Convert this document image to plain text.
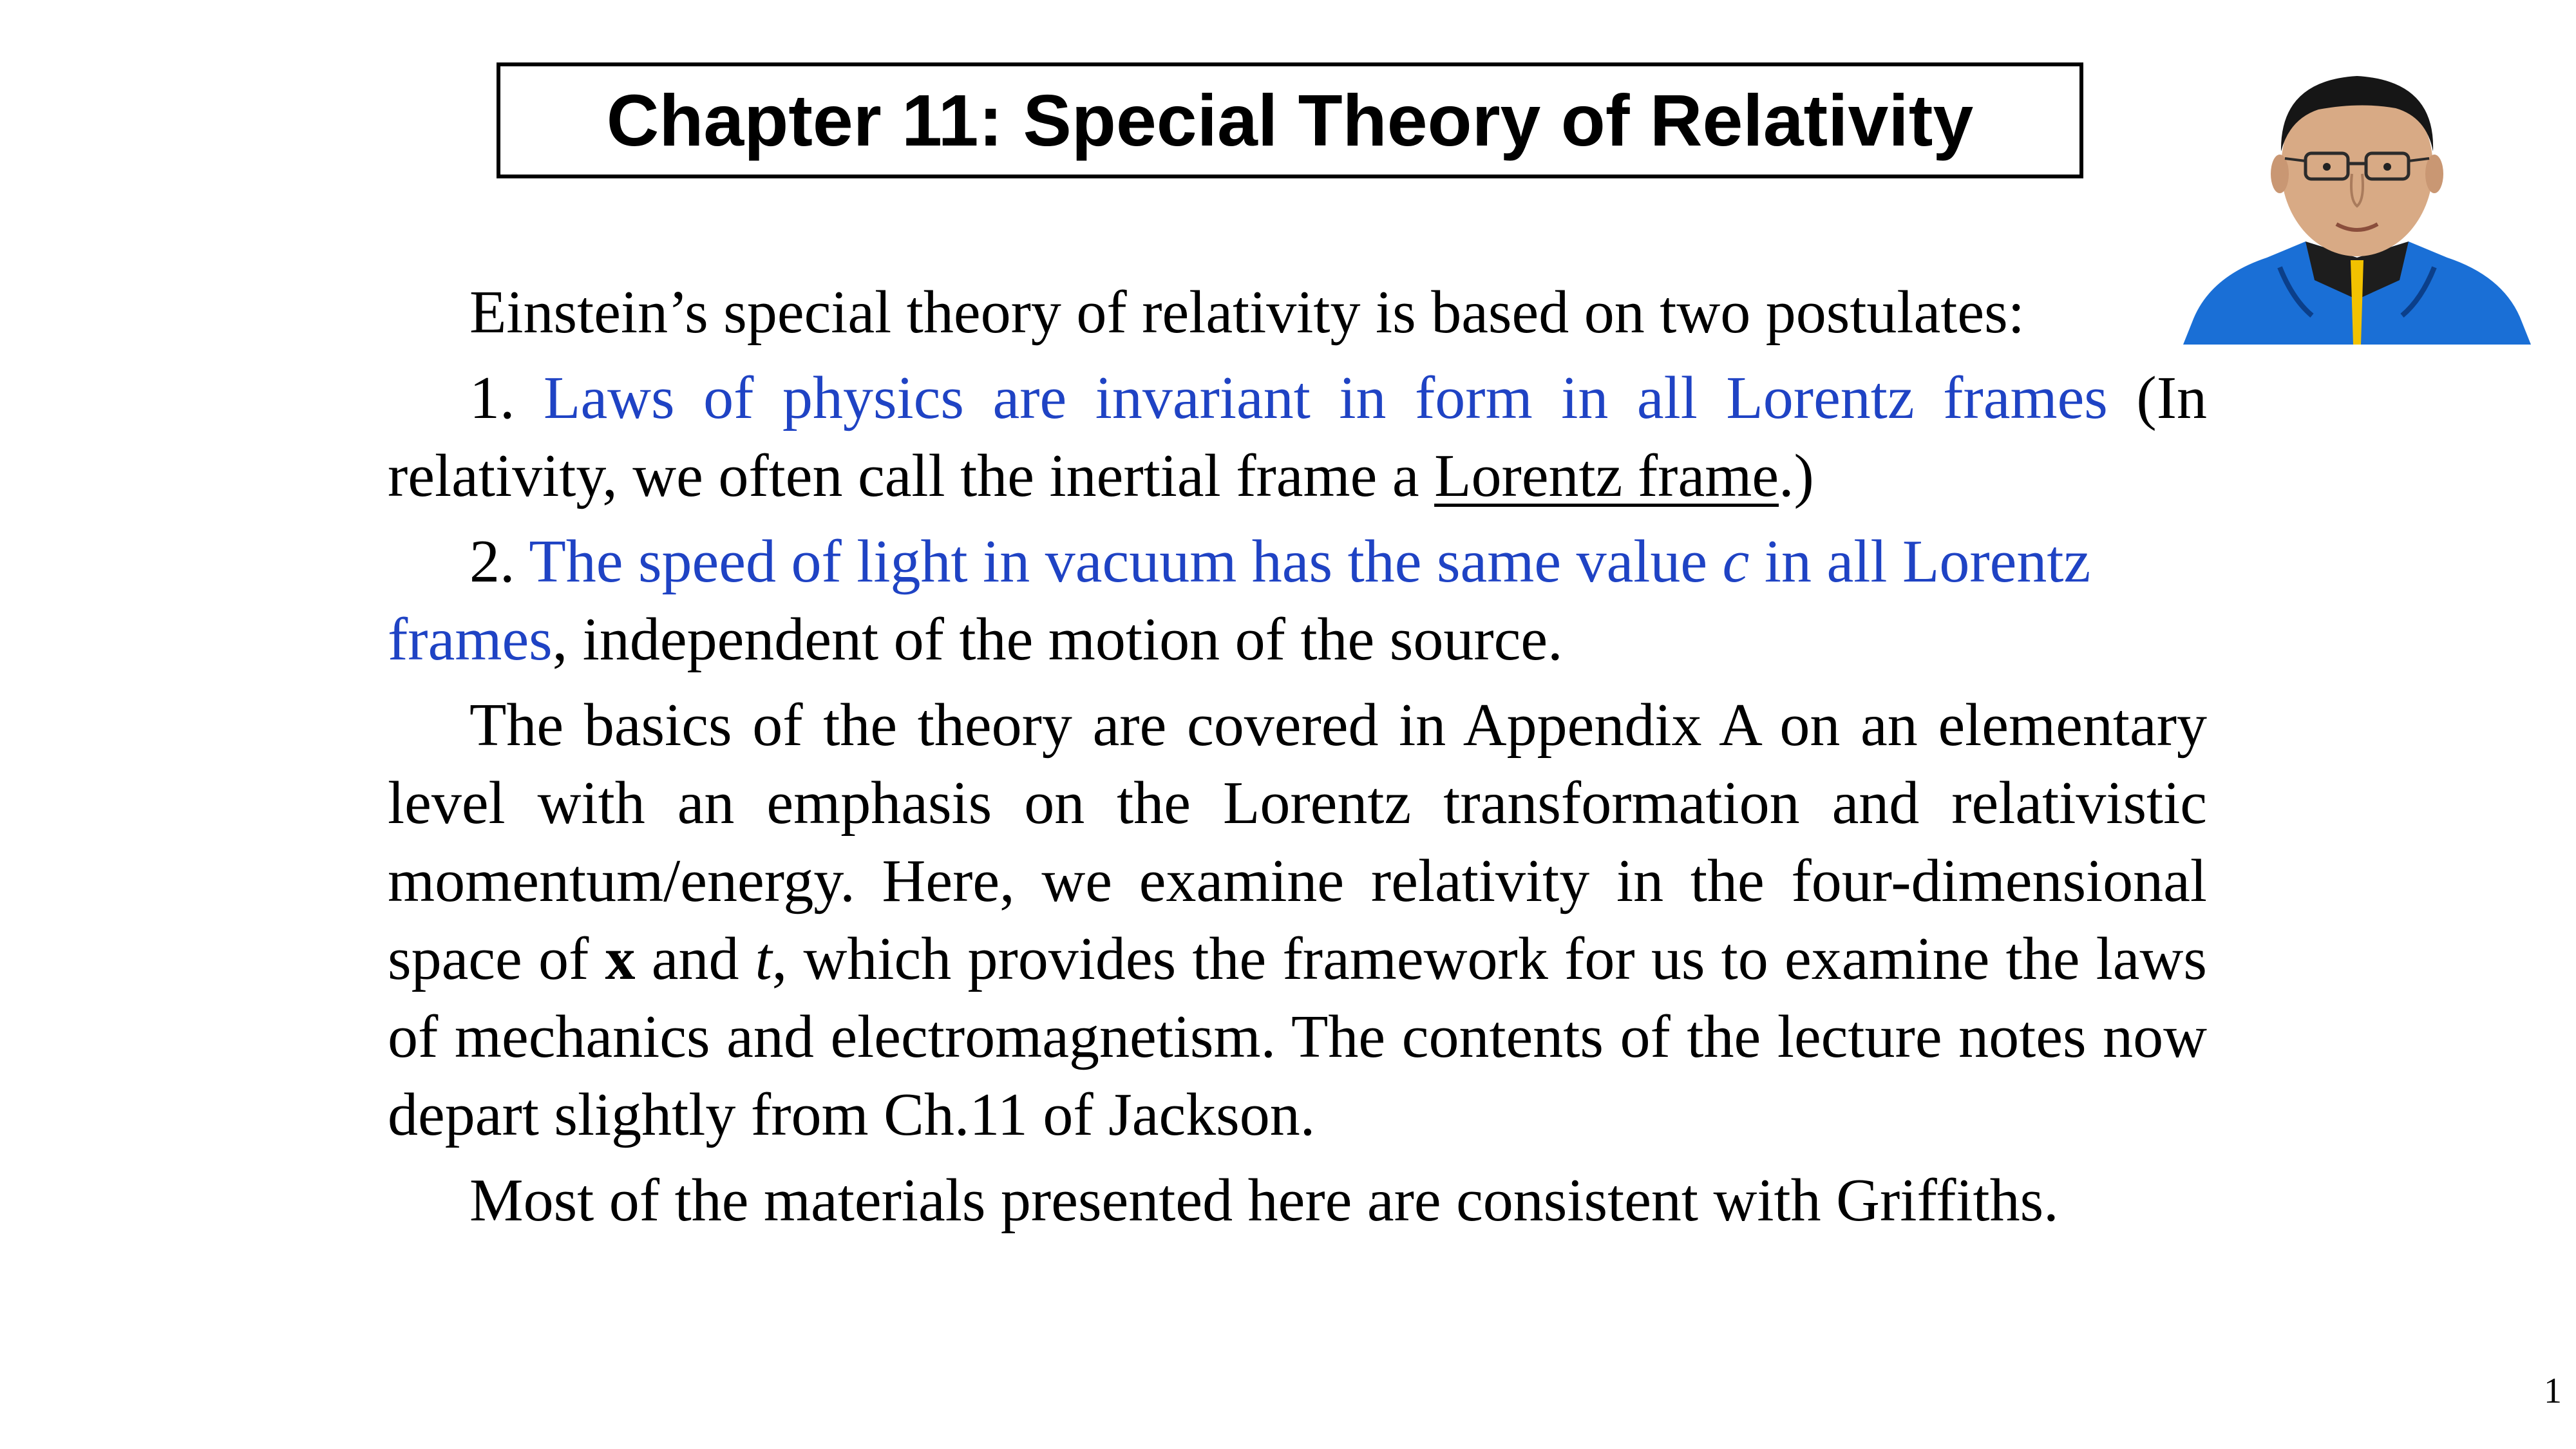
Chapter 11: Special Theory of Relativity

Einstein’s special theory of relativity is based on two postulates:

1. Laws of physics are invariant in form in all Lorentz frames (In relativity, we often call the inertial frame a Lorentz frame.)

2. The speed of light in vacuum has the same value c in all Lorentz frames, independent of the motion of the source.

The basics of the theory are covered in Appendix A on an elementary level with an emphasis on the Lorentz transformation and relativistic momentum/energy. Here, we examine relativity in the four-dimensional space of x and t, which provides the framework for us to examine the laws of mechanics and electromagnetism. The contents of the lecture notes now depart slightly from Ch.11 of Jackson.

Most of the materials presented here are consistent with Griffiths.

1
